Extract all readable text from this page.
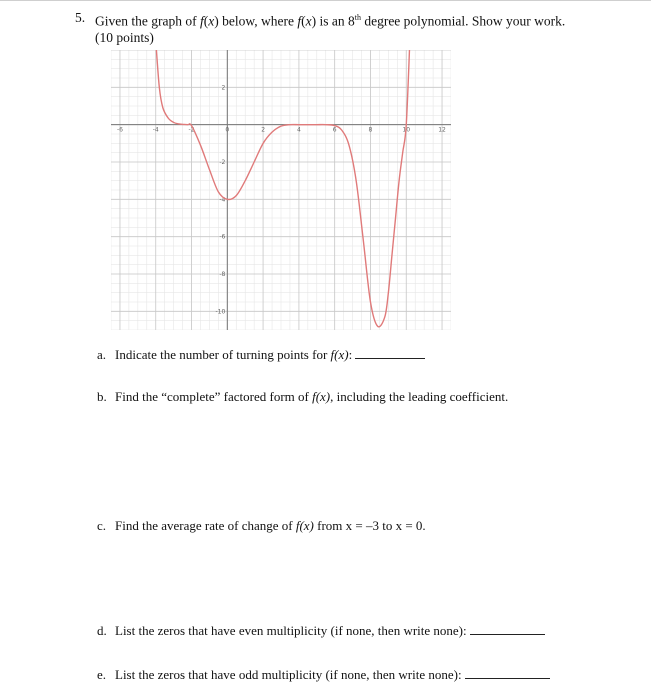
5. Given the graph of f(x) below, where f(x) is an 8th degree polynomial. Show your work.
(10 points)
-6	-4	-2	0	2	4	6	8	10	12
2
-2
-4
-6
-8
-10
a. Indicate the number of turning points for f(x):
b. Find the “complete” factored form of f(x), including the leading coefficient.
c. Find the average rate of change of f(x) from x = –3 to x = 0.
d. List the zeros that have even multiplicity (if none, then write none):
e. List the zeros that have odd multiplicity (if none, then write none):
